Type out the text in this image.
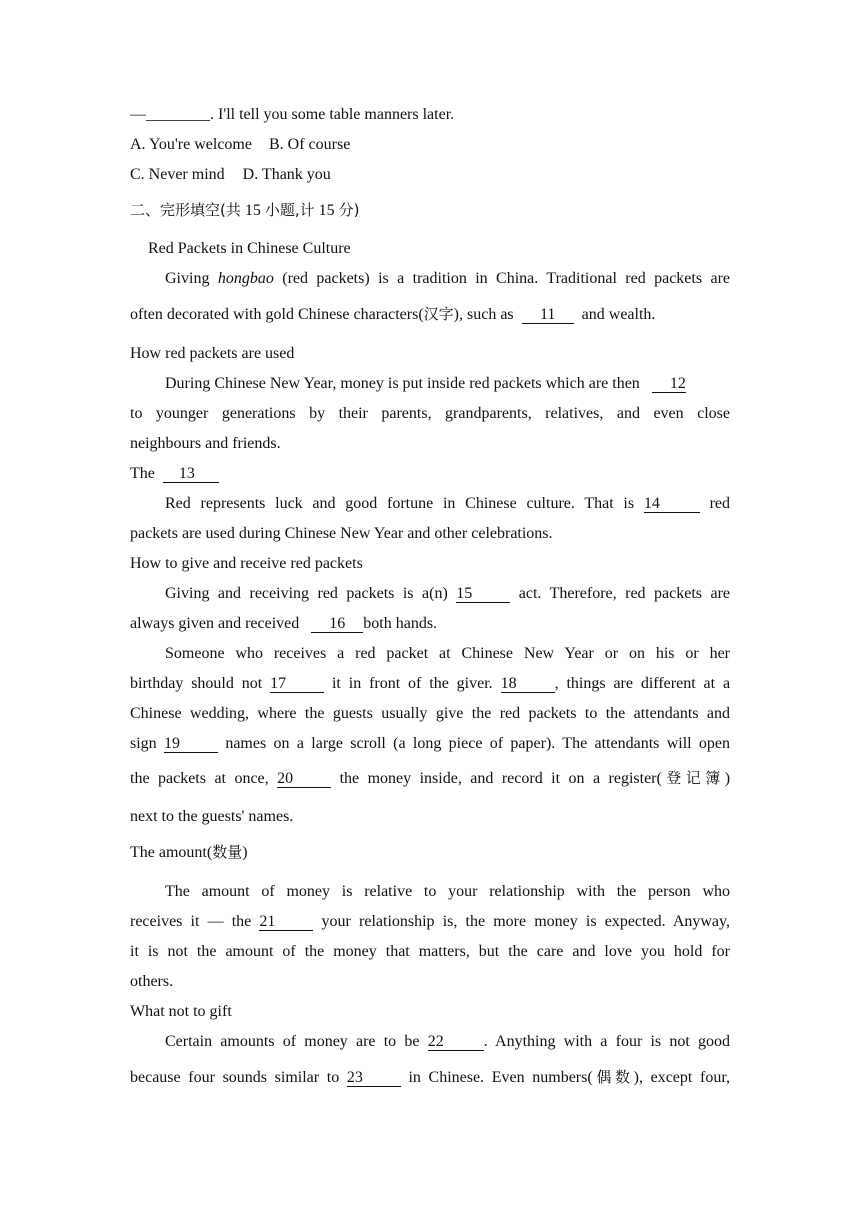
—________. I'll tell you some table manners later.
A. You're welcome B. Of course
C. Never mind D. Thank you
二、完形填空(共 15 小题,计 15 分)
Red Packets in Chinese Culture
Giving hongbao (red packets) is a tradition in China. Traditional red packets are
often decorated with gold Chinese characters(汉字), such as 11 and wealth.
How red packets are used
During Chinese New Year, money is put inside red packets which are then 12
to younger generations by their parents, grandparents, relatives, and even close
neighbours and friends.
The 13
Red represents luck and good fortune in Chinese culture. That is 14	red
packets are used during Chinese New Year and other celebrations.
How to give and receive red packets
Giving and receiving red packets is a(n) 15	act. Therefore, red packets are
always given and received 16 both hands.
Someone who receives a red packet at Chinese New Year or on his or her
birthday should not 17	it in front of the giver. 18 , things are different at a
Chinese wedding, where the guests usually give the red packets to the attendants and
sign 19	names on a large scroll (a long piece of paper). The attendants will open
the packets at once, 20	the money inside, and record it on a register(登记簿)
next to the guests' names.
The amount(数量)
The amount of money is relative to your relationship with the person who
receives it — the 21	your relationship is, the more money is expected. Anyway,
it is not the amount of the money that matters, but the care and love you hold for
others.
What not to gift
Certain amounts of money are to be 22	. Anything with a four is not good
because four sounds similar to 23	in Chinese. Even numbers(偶数), except four,
